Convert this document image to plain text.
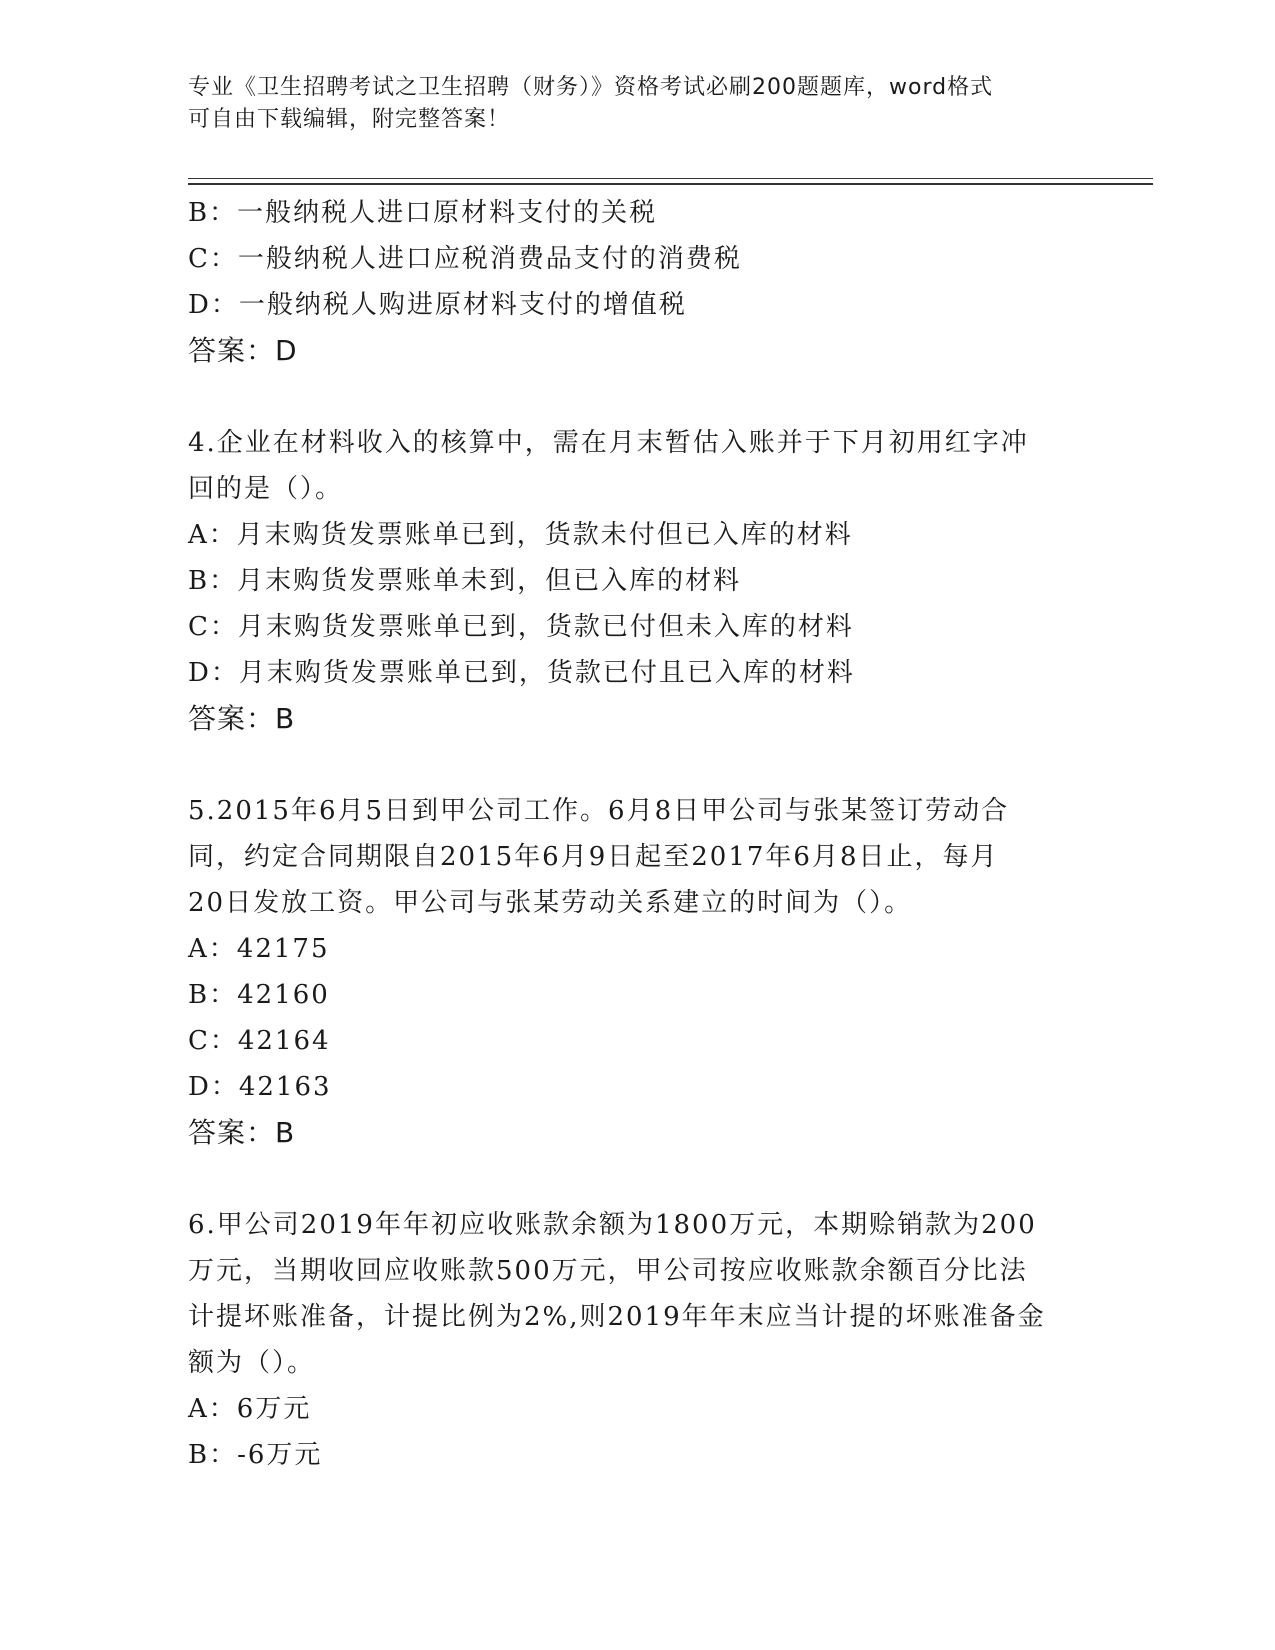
专业《卫生招聘考试之卫生招聘（财务）》资格考试必刷200题题库，word格式
可自由下载编辑，附完整答案！
B：一般纳税人进口原材料支付的关税
C：一般纳税人进口应税消费品支付的消费税
D：一般纳税人购进原材料支付的增值税
答案：D
4.企业在材料收入的核算中，需在月末暂估入账并于下月初用红字冲
回的是（）。
A：月末购货发票账单已到，货款未付但已入库的材料
B：月末购货发票账单未到，但已入库的材料
C：月末购货发票账单已到，货款已付但未入库的材料
D：月末购货发票账单已到，货款已付且已入库的材料
答案：B
5.2015年6月5日到甲公司工作。6月8日甲公司与张某签订劳动合
同，约定合同期限自2015年6月9日起至2017年6月8日止，每月
20日发放工资。甲公司与张某劳动关系建立的时间为（）。
A：42175
B：42160
C：42164
D：42163
答案：B
6.甲公司2019年年初应收账款余额为1800万元，本期赊销款为200
万元，当期收回应收账款500万元，甲公司按应收账款余额百分比法
计提坏账准备，计提比例为2%,则2019年年末应当计提的坏账准备金
额为（）。
A：6万元
B：-6万元
